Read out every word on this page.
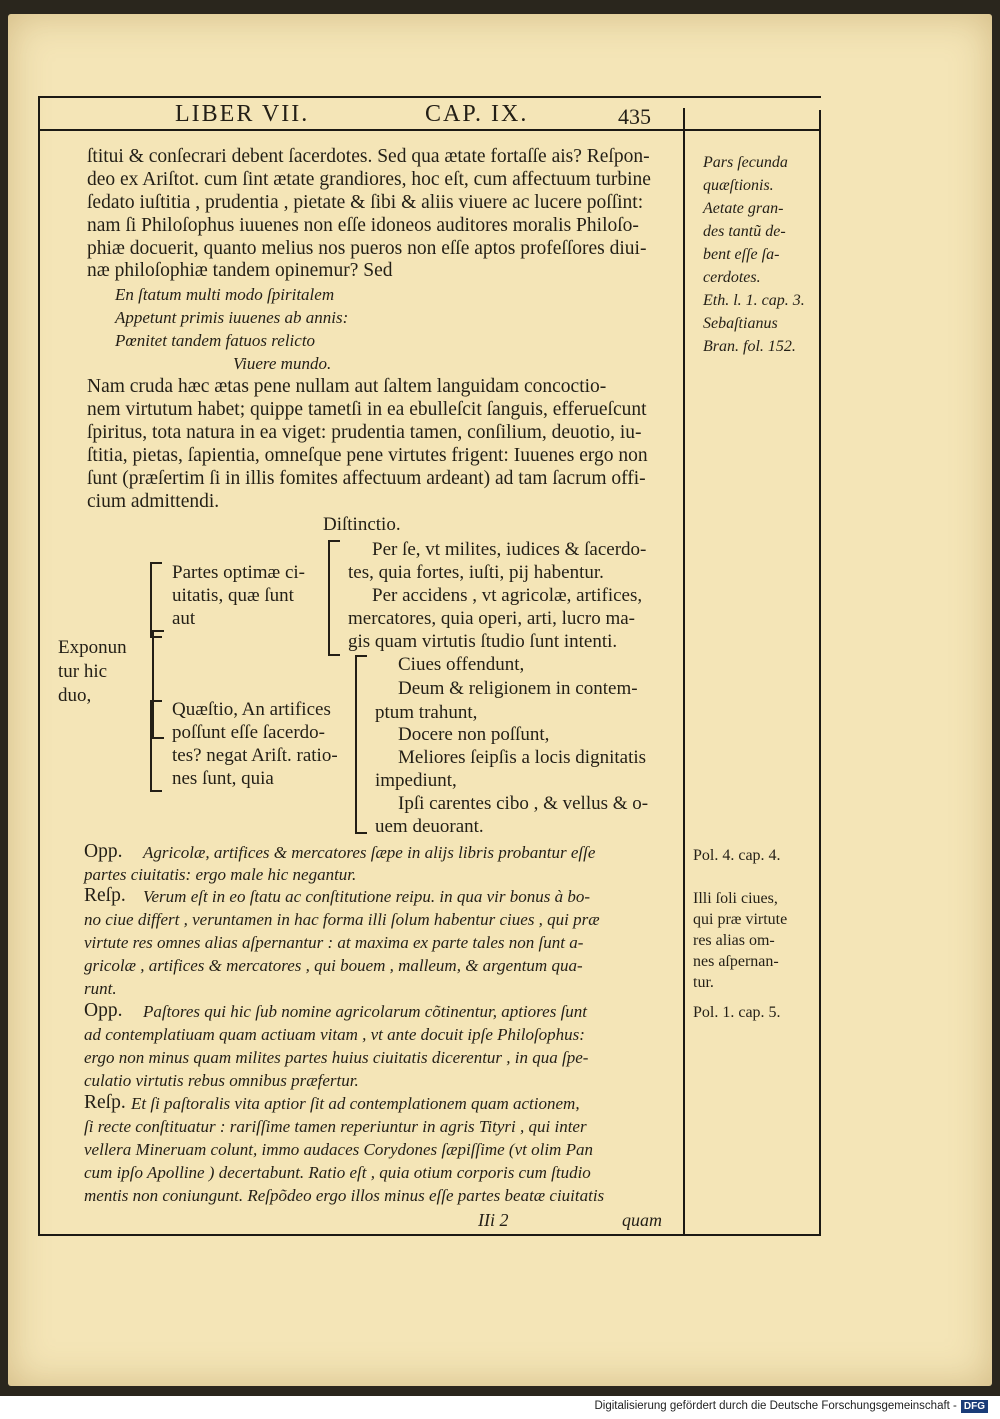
LIBER VII.	CAP. IX.	435
ſtitui & conſecrari debent ſacerdotes. Sed qua ætate fortaſſe ais? Reſpon-
deo ex Ariſtot. cum ſint ætate grandiores, hoc eſt, cum affectuum turbine
ſedato iuſtitia , prudentia , pietate & ſibi & aliis viuere ac lucere poſſint:
nam ſi Philoſophus iuuenes non eſſe idoneos auditores moralis Philoſo-
phiæ docuerit, quanto melius nos pueros non eſſe aptos profeſſores diui-
næ philoſophiæ tandem opinemur? Sed
En ſtatum multi modo ſpiritalem
Appetunt primis iuuenes ab annis:
Pœnitet tandem fatuos relicto
Viuere mundo.
Nam cruda hæc ætas pene nullam aut ſaltem languidam concoctio-
nem virtutum habet; quippe tametſi in ea ebulleſcit ſanguis, efferueſcunt
ſpiritus, tota natura in ea viget: prudentia tamen, conſilium, deuotio, iu-
ſtitia, pietas, ſapientia, omneſque pene virtutes frigent: Iuuenes ergo non
ſunt (præſertim ſi in illis fomites affectuum ardeant) ad tam ſacrum offi-
cium admittendi.
Diſtinctio.
Exponun
tur hic
duo,
Partes optimæ ci-
uitatis, quæ ſunt
aut
Per ſe, vt milites, iudices & ſacerdo-
tes, quia fortes, iuſti, pij habentur.
Per accidens , vt agricolæ, artifices,
mercatores, quia operi, arti, lucro ma-
gis quam virtutis ſtudio ſunt intenti.
Quæſtio, An artifices
poſſunt eſſe ſacerdo-
tes? negat Ariſt. ratio-
nes ſunt, quia
Ciues offendunt,
Deum & religionem in contem-
ptum trahunt,
Docere non poſſunt,
Meliores ſeipſis a locis dignitatis
impediunt,
Ipſi carentes cibo , & vellus & o-
uem deuorant.
Opp. Agricolæ, artifices & mercatores ſæpe in alijs libris probantur eſſe
partes ciuitatis: ergo male hic negantur.
Reſp. Verum eſt in eo ſtatu ac conſtitutione reipu. in qua vir bonus à bo-
no ciue differt , veruntamen in hac forma illi ſolum habentur ciues , qui præ
virtute res omnes alias aſpernantur : at maxima ex parte tales non ſunt a-
gricolæ , artifices & mercatores , qui bouem , malleum, & argentum qua-
runt.
Opp. Paſtores qui hic ſub nomine agricolarum cõtinentur, aptiores ſunt
ad contemplatiuam quam actiuam vitam , vt ante docuit ipſe Philoſophus:
ergo non minus quam milites partes huius ciuitatis dicerentur , in qua ſpe-
culatio virtutis rebus omnibus præfertur.
Reſp. Et ſi paſtoralis vita aptior ſit ad contemplationem quam actionem,
ſi recte conſtituatur : rariſſime tamen reperiuntur in agris Tityri , qui inter
vellera Mineruam colunt, immo audaces Corydones ſæpiſſime (vt olim Pan
cum ipſo Apolline ) decertabunt. Ratio eſt , quia otium corporis cum ſtudio
mentis non coniungunt. Reſpõdeo ergo illos minus eſſe partes beatæ ciuitatis
IIi 2	quam
Pars ſecunda
quæſtionis.
Aetate gran-
des tantũ de-
bent eſſe ſa-
cerdotes.
Eth. l. 1. cap. 3.
Sebaſtianus
Bran. fol. 152.
Pol. 4. cap. 4.
Illi ſoli ciues,
qui præ virtute
res alias om-
nes aſpernan-
tur.
Pol. 1. cap. 5.
Digitalisierung gefördert durch die Deutsche Forschungsgemeinschaft - DFG
